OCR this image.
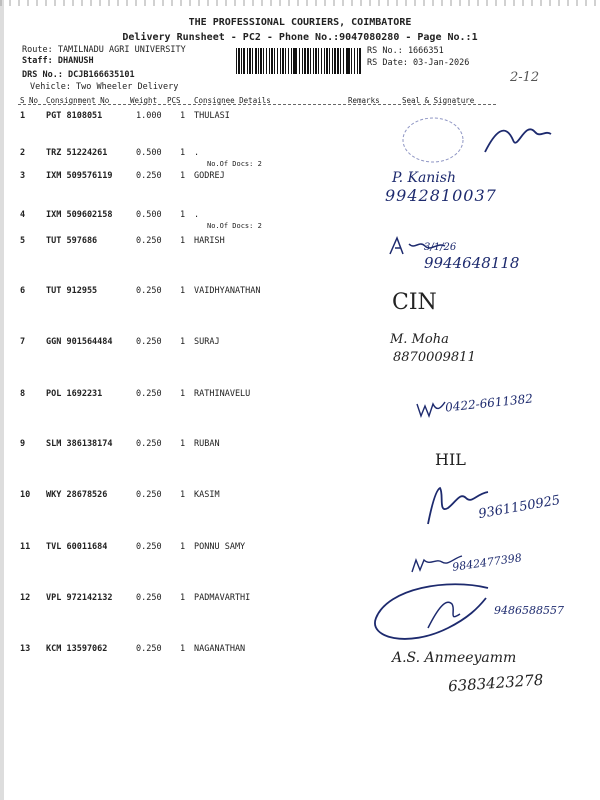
THE PROFESSIONAL COURIERS, COIMBATORE
Delivery Runsheet - PC2 - Phone No.:9047080280 - Page No.:1
Route: TAMILNADU AGRI UNIVERSITY
Staff: DHANUSH
DRS No.: DCJB166635101
Vehicle: Two Wheeler Delivery
RS No.: 1666351
RS Date: 03-Jan-2026
2-12
S No Consignment No	Weight PCS Consignee Details	Remarks	Seal & Signature
1 PGT 8108051	1.000 1 THULASI
2 TRZ 51224261	0.500 1 .
No.Of Docs: 2
3 IXM 509576119	0.250 1 GODREJ
4 IXM 509602158	0.500 1 .
No.Of Docs: 2
5 TUT 597686	0.250 1 HARISH
6 TUT 912955	0.250 1 VAIDHYANATHAN
7 GGN 901564484	0.250 1 SURAJ
8 POL 1692231	0.250 1 RATHINAVELU
9 SLM 386138174	0.250 1 RUBAN
10 WKY 28678526	0.250 1 KASIM
11 TVL 60011684	0.250 1 PONNU SAMY
12 VPL 972142132	0.250 1 PADMAVARTHI
13 KCM 13597062	0.250 1 NAGANATHAN
P. Kanish
9942810037
3/1/26
9944648118
CIN
M. Moha
8870009811
0422-6611382
HIL
9361150925
9842477398
9486588557
A.S. Anmeeyamm
6383423278
